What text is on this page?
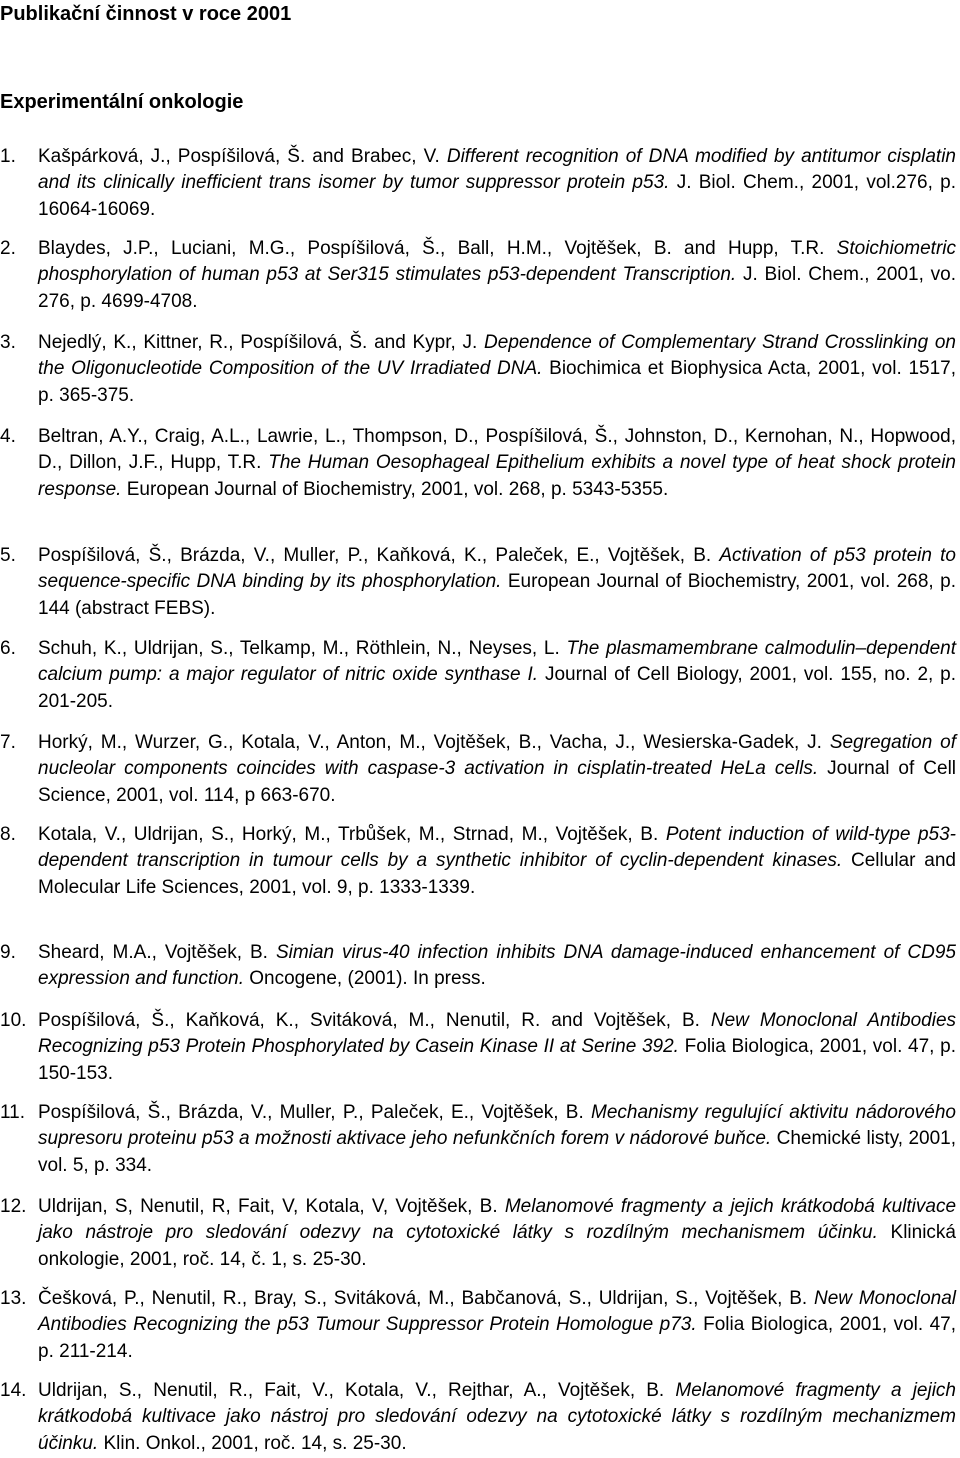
Publikační činnost v roce 2001
Experimentální onkologie
1. Kašpárková, J., Pospíšilová, Š. and Brabec, V. Different recognition of DNA modified by antitumor cisplatin and its clinically inefficient trans isomer by tumor suppressor protein p53. J. Biol. Chem., 2001, vol.276, p. 16064-16069.
2. Blaydes, J.P., Luciani, M.G., Pospíšilová, Š., Ball, H.M., Vojtěšek, B. and Hupp, T.R. Stoichiometric phosphorylation of human p53 at Ser315 stimulates p53-dependent Transcription. J. Biol. Chem., 2001, vo. 276, p. 4699-4708.
3. Nejedlý, K., Kittner, R., Pospíšilová, Š. and Kypr, J. Dependence of Complementary Strand Crosslinking on the Oligonucleotide Composition of the UV Irradiated DNA. Biochimica et Biophysica Acta, 2001, vol. 1517, p. 365-375.
4. Beltran, A.Y., Craig, A.L., Lawrie, L., Thompson, D., Pospíšilová, Š., Johnston, D., Kernohan, N., Hopwood, D., Dillon, J.F., Hupp, T.R. The Human Oesophageal Epithelium exhibits a novel type of heat shock protein response. European Journal of Biochemistry, 2001, vol. 268, p. 5343-5355.
5. Pospíšilová, Š., Brázda, V., Muller, P., Kaňková, K., Paleček, E., Vojtěšek, B. Activation of p53 protein to sequence-specific DNA binding by its phosphorylation. European Journal of Biochemistry, 2001, vol. 268, p. 144 (abstract FEBS).
6. Schuh, K., Uldrijan, S., Telkamp, M., Röthlein, N., Neyses, L. The plasmamembrane calmodulin–dependent calcium pump: a major regulator of nitric oxide synthase I. Journal of Cell Biology, 2001, vol. 155, no. 2, p. 201-205.
7. Horký, M., Wurzer, G., Kotala, V., Anton, M., Vojtěšek, B., Vacha, J., Wesierska-Gadek, J. Segregation of nucleolar components coincides with caspase-3 activation in cisplatin-treated HeLa cells. Journal of Cell Science, 2001, vol. 114, p 663-670.
8. Kotala, V., Uldrijan, S., Horký, M., Trbůšek, M., Strnad, M., Vojtěšek, B. Potent induction of wild-type p53-dependent transcription in tumour cells by a synthetic inhibitor of cyclin-dependent kinases. Cellular and Molecular Life Sciences, 2001, vol. 9, p. 1333-1339.
9. Sheard, M.A., Vojtěšek, B. Simian virus-40 infection inhibits DNA damage-induced enhancement of CD95 expression and function. Oncogene, (2001). In press.
10. Pospíšilová, Š., Kaňková, K., Svitáková, M., Nenutil, R. and Vojtěšek, B. New Monoclonal Antibodies Recognizing p53 Protein Phosphorylated by Casein Kinase II at Serine 392. Folia Biologica, 2001, vol. 47, p. 150-153.
11. Pospíšilová, Š., Brázda, V., Muller, P., Paleček, E., Vojtěšek, B. Mechanismy regulující aktivitu nádorového supresoru proteinu p53 a možnosti aktivace jeho nefunkčních forem v nádorové buňce. Chemické listy, 2001, vol. 5, p. 334.
12. Uldrijan, S, Nenutil, R, Fait, V, Kotala, V, Vojtěšek, B. Melanomové fragmenty a jejich krátkodobá kultivace jako nástroje pro sledování odezvy na cytotoxické látky s rozdílným mechanismem účinku. Klinická onkologie, 2001, roč. 14, č. 1, s. 25-30.
13. Češková, P., Nenutil, R., Bray, S., Svitáková, M., Babčanová, S., Uldrijan, S., Vojtěšek, B. New Monoclonal Antibodies Recognizing the p53 Tumour Suppressor Protein Homologue p73. Folia Biologica, 2001, vol. 47, p. 211-214.
14. Uldrijan, S., Nenutil, R., Fait, V., Kotala, V., Rejthar, A., Vojtěšek, B. Melanomové fragmenty a jejich krátkodobá kultivace jako nástroj pro sledování odezvy na cytotoxické látky s rozdílným mechanizmem účinku. Klin. Onkol., 2001, roč. 14, s. 25-30.
